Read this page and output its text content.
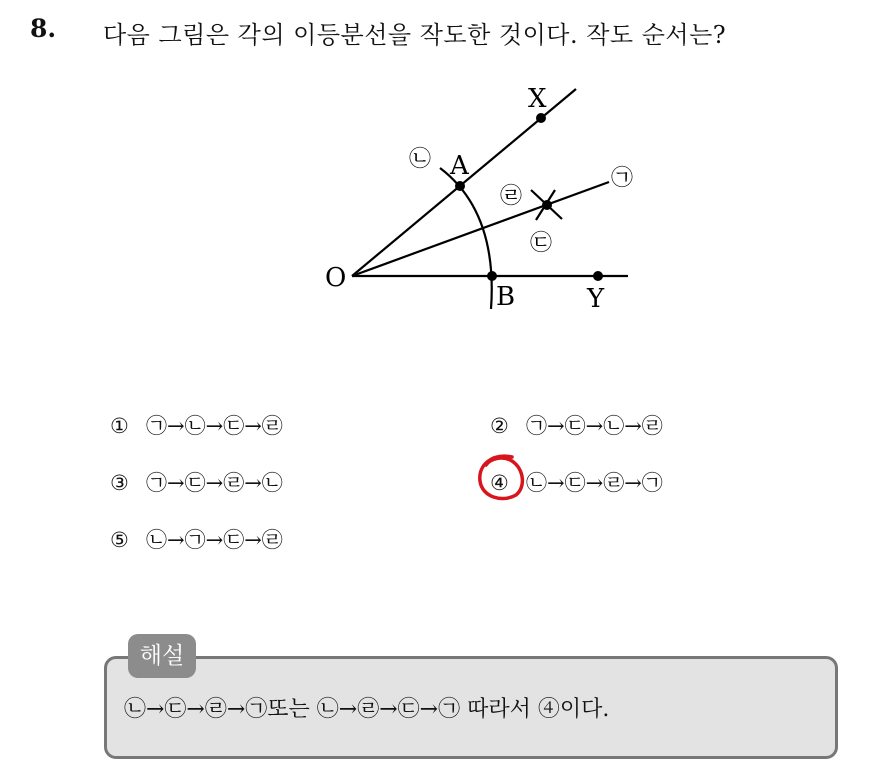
8. 다음 그림은 각의 이등분선을 작도한 것이다. 작도 순서는?
X
A
O
B	Y
㉠
㉡
㉢
㉣
① ㉠→㉡→㉢→㉣	② ㉠→㉢→㉡→㉣
③ ㉠→㉢→㉣→㉡	④ ㉡→㉢→㉣→㉠
⑤ ㉡→㉠→㉢→㉣
해설
㉡→㉢→㉣→㉠또는 ㉡→㉣→㉢→㉠ 따라서 ④이다.
